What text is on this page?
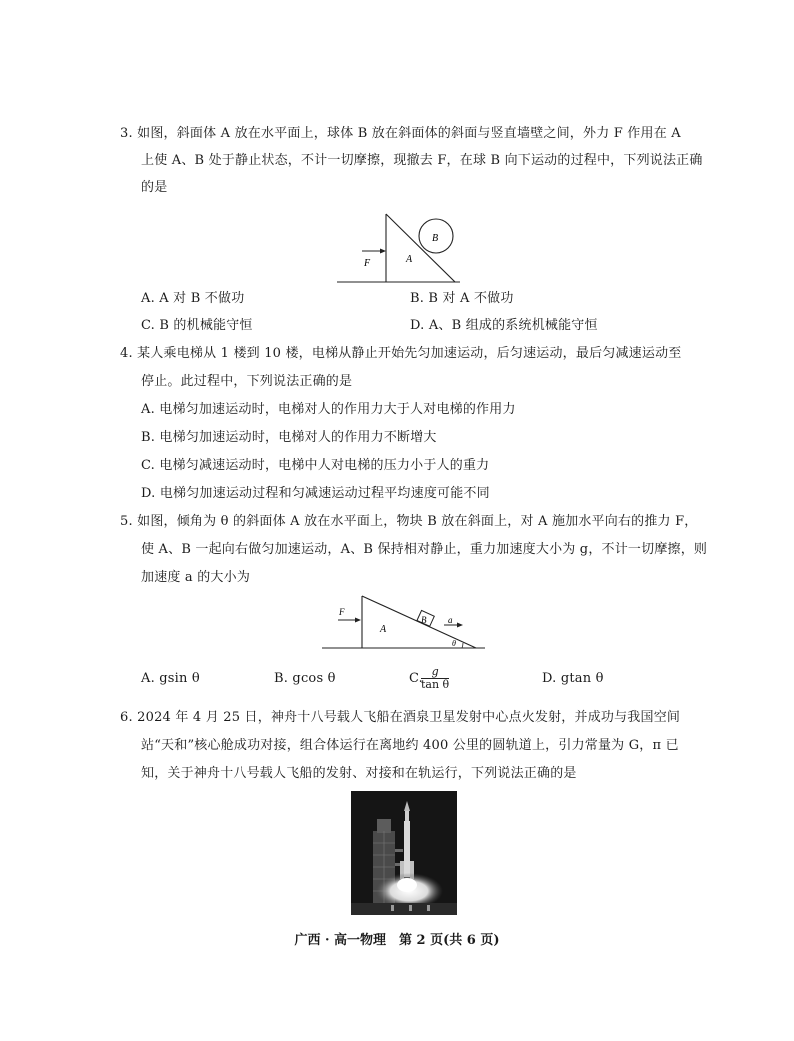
3. 如图，斜面体 A 放在水平面上，球体 B 放在斜面体的斜面与竖直墙壁之间，外力 F 作用在 A
上使 A、B 处于静止状态，不计一切摩擦，现撤去 F，在球 B 向下运动的过程中，下列说法正确
的是
B
A
F
A. A 对 B 不做功	B. B 对 A 不做功
C. B 的机械能守恒	D. A、B 组成的系统机械能守恒
4. 某人乘电梯从 1 楼到 10 楼，电梯从静止开始先匀加速运动，后匀速运动，最后匀减速运动至
停止。此过程中，下列说法正确的是
A. 电梯匀加速运动时，电梯对人的作用力大于人对电梯的作用力
B. 电梯匀加速运动时，电梯对人的作用力不断增大
C. 电梯匀减速运动时，电梯中人对电梯的压力小于人的重力
D. 电梯匀加速运动过程和匀减速运动过程平均速度可能不同
5. 如图，倾角为 θ 的斜面体 A 放在水平面上，物块 B 放在斜面上，对 A 施加水平向右的推力 F，
使 A、B 一起向右做匀加速运动，A、B 保持相对静止，重力加速度大小为 g，不计一切摩擦，则
加速度 a 的大小为
F
A
B a
θ
A. gsin θ	B. gcos θ	C.
$\frac{g}{\text{tan θ}}$	D. gtan θ
6. 2024 年 4 月 25 日，神舟十八号载人飞船在酒泉卫星发射中心点火发射，并成功与我国空间
站“天和”核心舱成功对接，组合体运行在离地约 400 公里的圆轨道上，引力常量为 G，π 已
知，关于神舟十八号载人飞船的发射、对接和在轨运行，下列说法正确的是
广西 · 高一物理　第 2 页(共 6 页)
